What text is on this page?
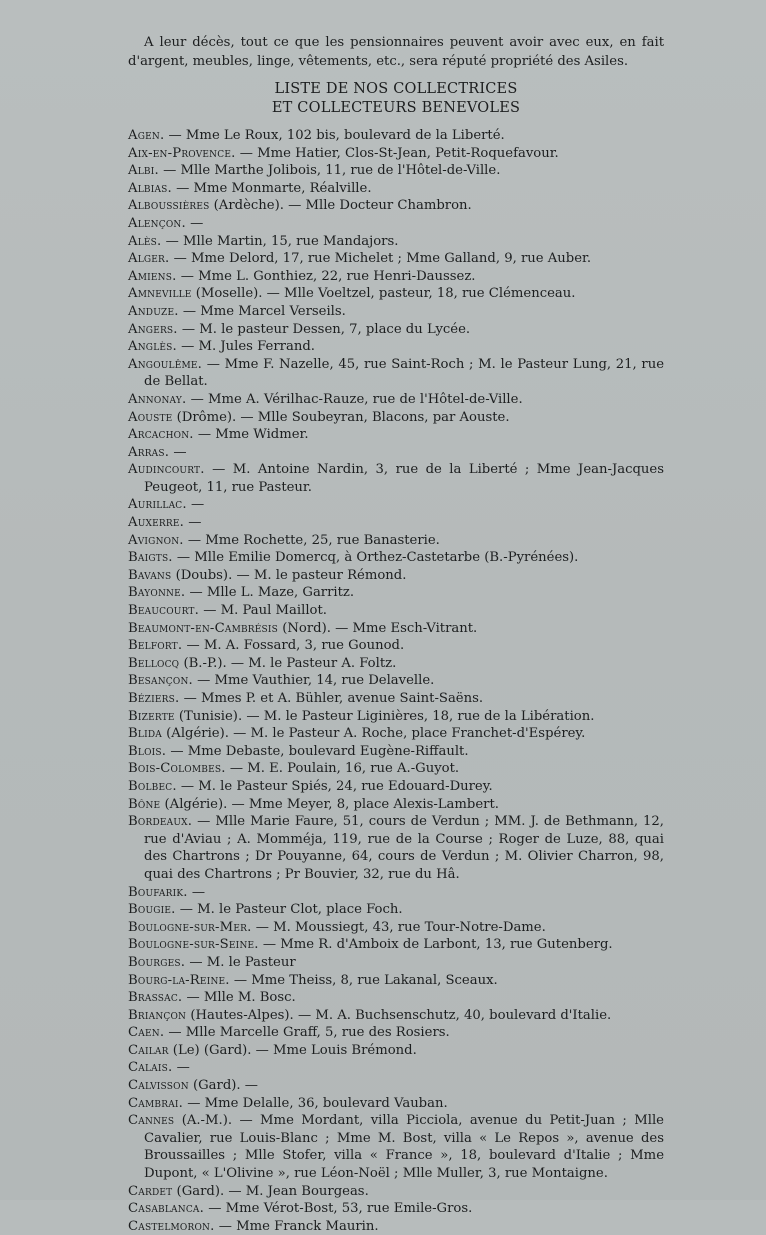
A leur décès, tout ce que les pensionnaires peuvent avoir avec eux, en fait d'argent, meubles, linge, vêtements, etc., sera réputé propriété des Asiles.

LISTE DE NOS COLLECTRICES
ET COLLECTEURS BENEVOLES
Agen. — Mme Le Roux, 102 bis, boulevard de la Liberté.
Aix-en-Provence. — Mme Hatier, Clos-St-Jean, Petit-Roquefavour.
Albi. — Mlle Marthe Jolibois, 11, rue de l'Hôtel-de-Ville.
Albias. — Mme Monmarte, Réalville.
Alboussières (Ardèche). — Mlle Docteur Chambron.
Alençon. —
Alès. — Mlle Martin, 15, rue Mandajors.
Alger. — Mme Delord, 17, rue Michelet ; Mme Galland, 9, rue Auber.
Amiens. — Mme L. Gonthiez, 22, rue Henri-Daussez.
Amneville (Moselle). — Mlle Voeltzel, pasteur, 18, rue Clémenceau.
Anduze. — Mme Marcel Verseils.
Angers. — M. le pasteur Dessen, 7, place du Lycée.
Anglès. — M. Jules Ferrand.
Angoulême. — Mme F. Nazelle, 45, rue Saint-Roch ; M. le Pasteur Lung, 21, rue de Bellat.
Annonay. — Mme A. Vérilhac-Rauze, rue de l'Hôtel-de-Ville.
Aouste (Drôme). — Mlle Soubeyran, Blacons, par Aouste.
Arcachon. — Mme Widmer.
Arras. —
Audincourt. — M. Antoine Nardin, 3, rue de la Liberté ; Mme Jean-Jacques Peugeot, 11, rue Pasteur.
Aurillac. —
Auxerre. —
Avignon. — Mme Rochette, 25, rue Banasterie.
Baigts. — Mlle Emilie Domercq, à Orthez-Castetarbe (B.-Pyrénées).
Bavans (Doubs). — M. le pasteur Rémond.
Bayonne. — Mlle L. Maze, Garritz.
Beaucourt. — M. Paul Maillot.
Beaumont-en-Cambrésis (Nord). — Mme Esch-Vitrant.
Belfort. — M. A. Fossard, 3, rue Gounod.
Bellocq (B.-P.). — M. le Pasteur A. Foltz.
Besançon. — Mme Vauthier, 14, rue Delavelle.
Béziers. — Mmes P. et A. Bühler, avenue Saint-Saëns.
Bizerte (Tunisie). — M. le Pasteur Liginières, 18, rue de la Libération.
Blida (Algérie). — M. le Pasteur A. Roche, place Franchet-d'Espérey.
Blois. — Mme Debaste, boulevard Eugène-Riffault.
Bois-Colombes. — M. E. Poulain, 16, rue A.-Guyot.
Bolbec. — M. le Pasteur Spiés, 24, rue Edouard-Durey.
Bône (Algérie). — Mme Meyer, 8, place Alexis-Lambert.
Bordeaux. — Mlle Marie Faure, 51, cours de Verdun ; MM. J. de Bethmann, 12, rue d'Aviau ; A. Momméja, 119, rue de la Course ; Roger de Luze, 88, quai des Chartrons ; Dr Pouyanne, 64, cours de Verdun ; M. Olivier Charron, 98, quai des Chartrons ; Pr Bouvier, 32, rue du Hâ.
Boufarik. —
Bougie. — M. le Pasteur Clot, place Foch.
Boulogne-sur-Mer. — M. Moussiegt, 43, rue Tour-Notre-Dame.
Boulogne-sur-Seine. — Mme R. d'Amboix de Larbont, 13, rue Gutenberg.
Bourges. — M. le Pasteur
Bourg-la-Reine. — Mme Theiss, 8, rue Lakanal, Sceaux.
Brassac. — Mlle M. Bosc.
Briançon (Hautes-Alpes). — M. A. Buchsenschutz, 40, boulevard d'Italie.
Caen. — Mlle Marcelle Graff, 5, rue des Rosiers.
Cailar (Le) (Gard). — Mme Louis Brémond.
Calais. —
Calvisson (Gard). —
Cambrai. — Mme Delalle, 36, boulevard Vauban.
Cannes (A.-M.). — Mme Mordant, villa Picciola, avenue du Petit-Juan ; Mlle Cavalier, rue Louis-Blanc ; Mme M. Bost, villa « Le Repos », avenue des Broussailles ; Mlle Stofer, villa « France », 18, boulevard d'Italie ; Mme Dupont, « L'Olivine », rue Léon-Noël ; Mlle Muller, 3, rue Montaigne.
Cardet (Gard). — M. Jean Bourgeas.
Casablanca. — Mme Vérot-Bost, 53, rue Emile-Gros.
Castelmoron. — Mme Franck Maurin.
